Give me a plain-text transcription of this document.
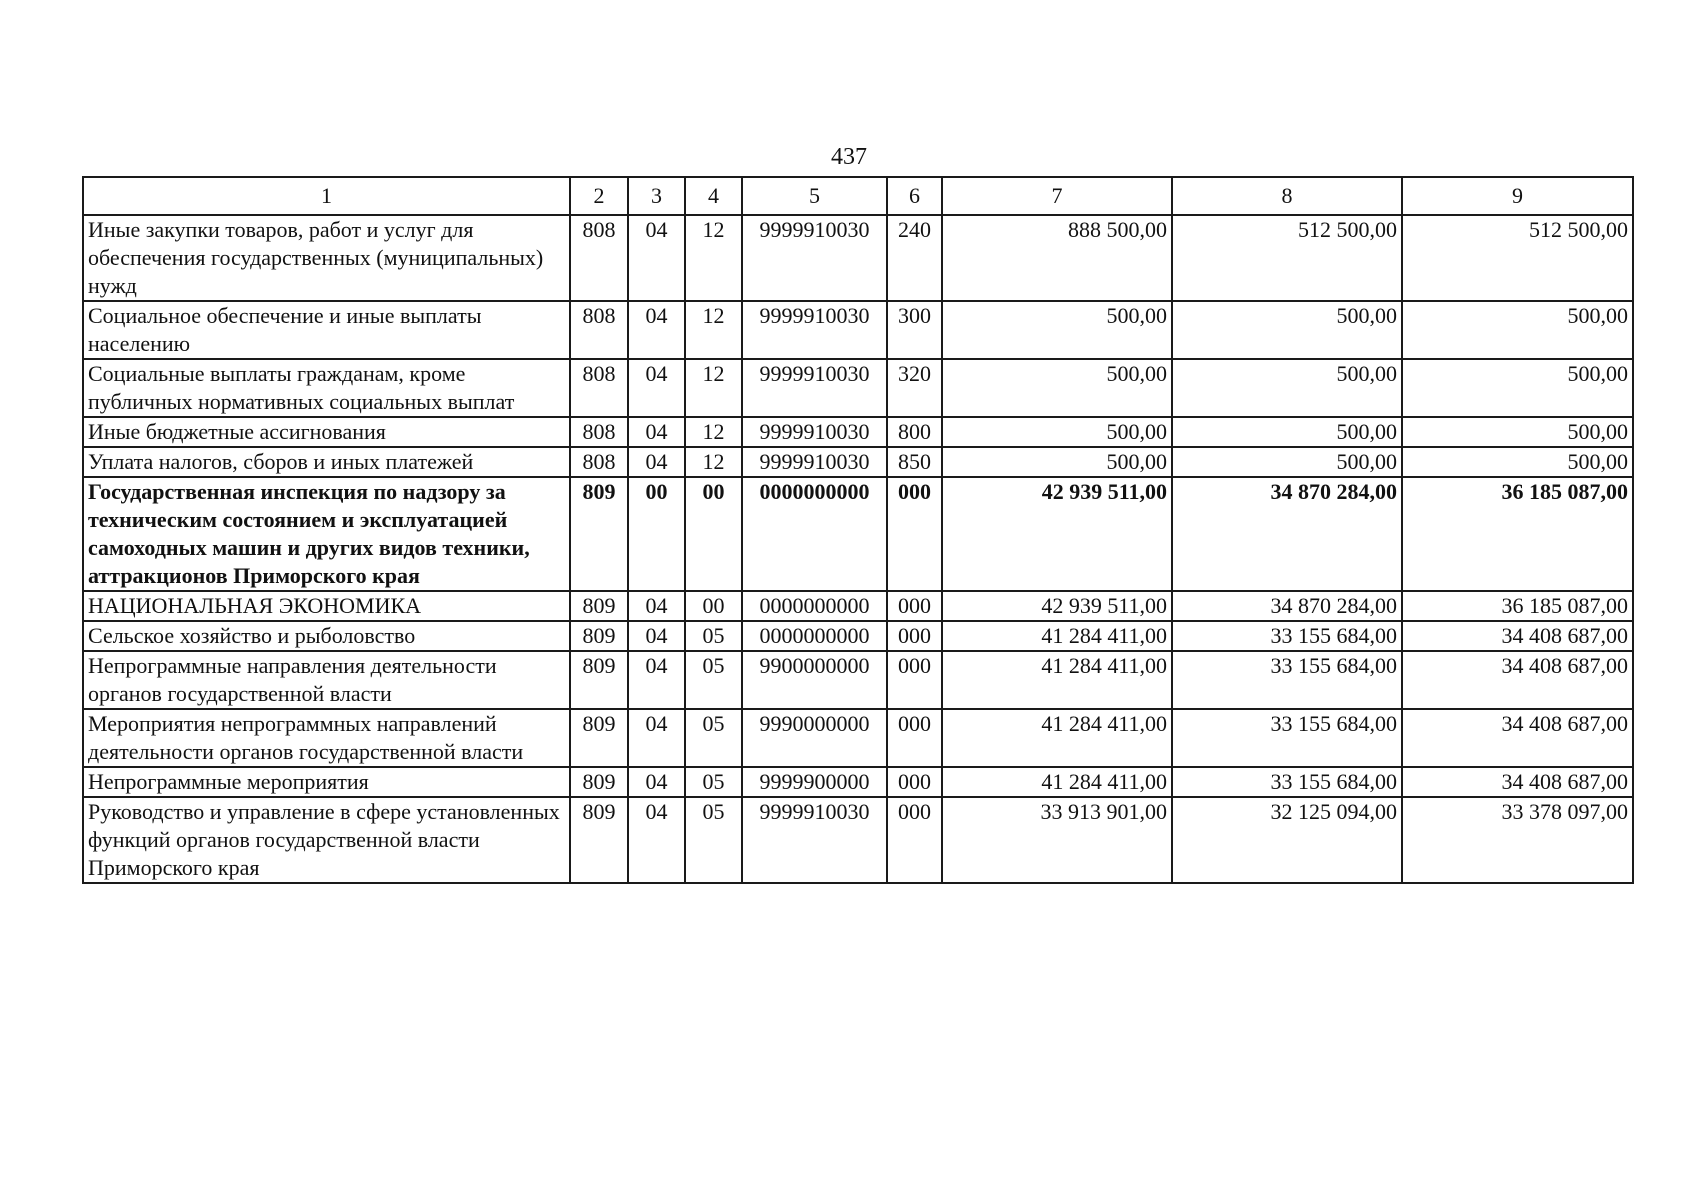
437
1	2	3	4	5	6	7	8	9
Иные закупки товаров, работ и услуг для обеспечения государственных (муниципальных) нужд	808	04	12	9999910030	240	888 500,00	512 500,00	512 500,00
Социальное обеспечение и иные выплаты населению	808	04	12	9999910030	300	500,00	500,00	500,00
Социальные выплаты гражданам, кроме публичных нормативных социальных выплат	808	04	12	9999910030	320	500,00	500,00	500,00
Иные бюджетные ассигнования	808	04	12	9999910030	800	500,00	500,00	500,00
Уплата налогов, сборов и иных платежей	808	04	12	9999910030	850	500,00	500,00	500,00
Государственная инспекция по надзору за техническим состоянием и эксплуатацией самоходных машин и других видов техники, аттракционов Приморского края	809	00	00	0000000000	000	42 939 511,00	34 870 284,00	36 185 087,00
НАЦИОНАЛЬНАЯ ЭКОНОМИКА	809	04	00	0000000000	000	42 939 511,00	34 870 284,00	36 185 087,00
Сельское хозяйство и рыболовство	809	04	05	0000000000	000	41 284 411,00	33 155 684,00	34 408 687,00
Непрограммные направления деятельности органов государственной власти	809	04	05	9900000000	000	41 284 411,00	33 155 684,00	34 408 687,00
Мероприятия непрограммных направлений деятельности органов государственной власти	809	04	05	9990000000	000	41 284 411,00	33 155 684,00	34 408 687,00
Непрограммные мероприятия	809	04	05	9999900000	000	41 284 411,00	33 155 684,00	34 408 687,00
Руководство и управление в сфере установленных функций органов государственной власти Приморского края	809	04	05	9999910030	000	33 913 901,00	32 125 094,00	33 378 097,00
